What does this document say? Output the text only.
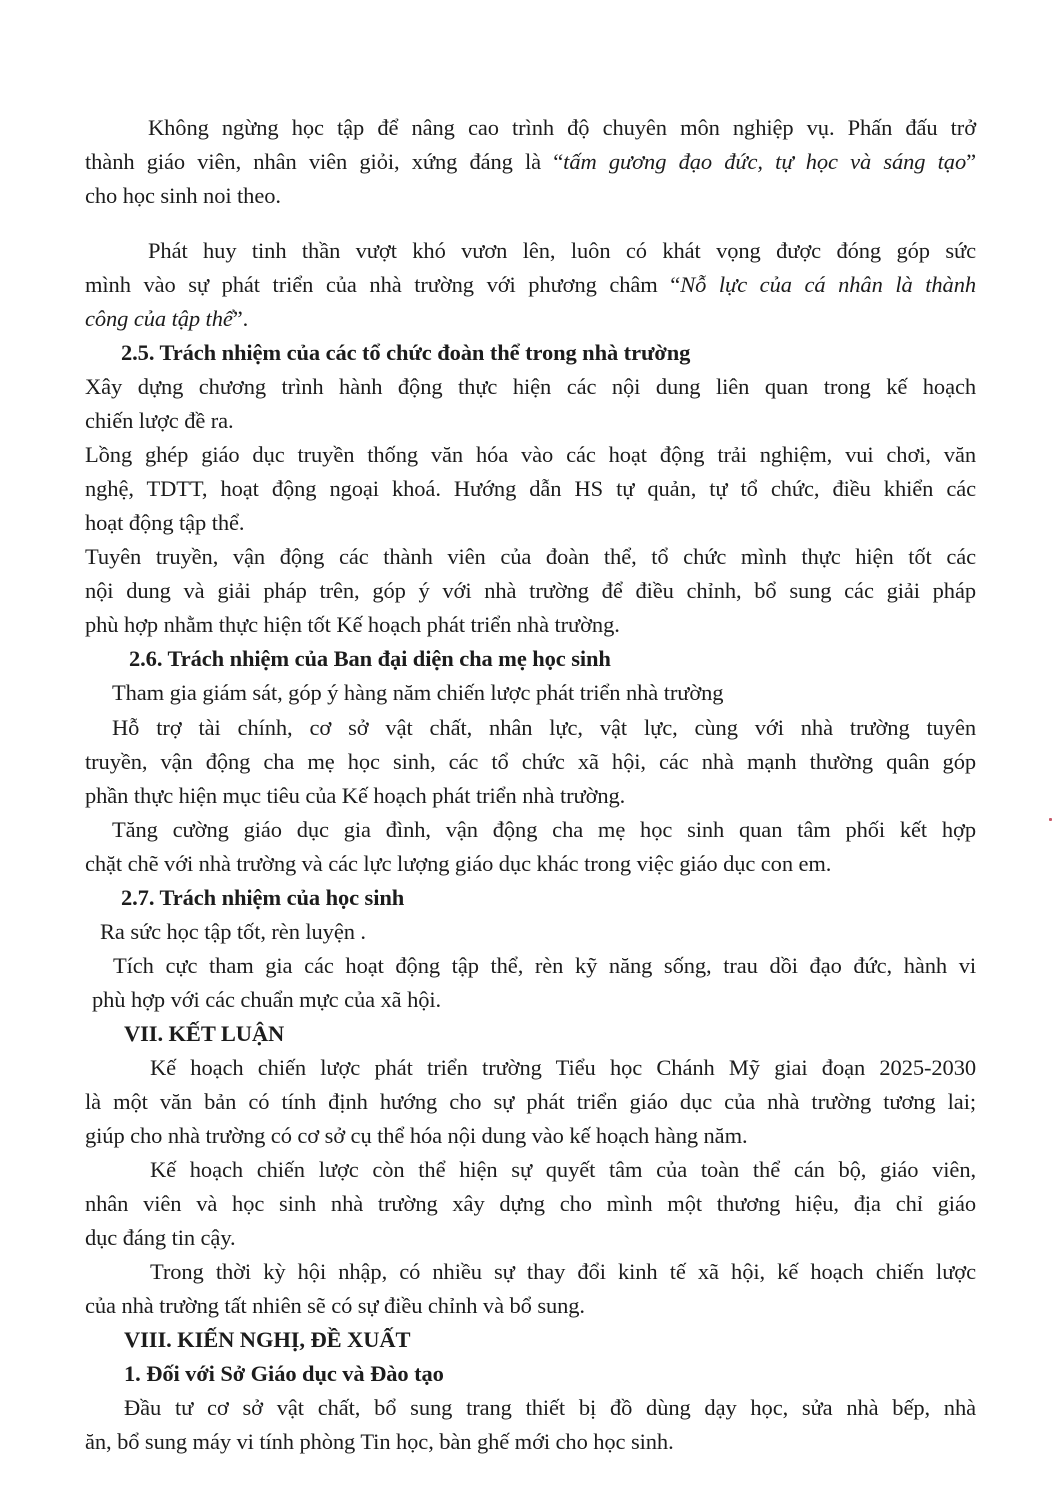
Không ngừng học tập để nâng cao trình độ chuyên môn nghiệp vụ. Phấn đấu trở
thành giáo viên, nhân viên giỏi, xứng đáng là “tấm gương đạo đức, tự học và sáng tạo”
cho học sinh noi theo.
Phát huy tinh thần vượt khó vươn lên, luôn có khát vọng được đóng góp sức
mình vào sự phát triển của nhà trường với phương châm “Nỗ lực của cá nhân là thành
công của tập thể”.
2.5. Trách nhiệm của các tổ chức đoàn thể trong nhà trường
Xây dựng chương trình hành động thực hiện các nội dung liên quan trong kế hoạch
chiến lược đề ra.
Lồng ghép giáo dục truyền thống văn hóa vào các hoạt động trải nghiệm, vui chơi, văn
nghệ, TDTT, hoạt động ngoại khoá. Hướng dẫn HS tự quản, tự tổ chức, điều khiển các
hoạt động tập thể.
Tuyên truyền, vận động các thành viên của đoàn thể, tổ chức mình thực hiện tốt các
nội dung và giải pháp trên, góp ý với nhà trường để điều chỉnh, bổ sung các giải pháp
phù hợp nhằm thực hiện tốt Kế hoạch phát triển nhà trường.
2.6. Trách nhiệm của Ban đại diện cha mẹ học sinh
Tham gia giám sát, góp ý hàng năm chiến lược phát triển nhà trường
Hỗ trợ tài chính, cơ sở vật chất, nhân lực, vật lực, cùng với nhà trường tuyên
truyền, vận động cha mẹ học sinh, các tổ chức xã hội, các nhà mạnh thường quân góp
phần thực hiện mục tiêu của Kế hoạch phát triển nhà trường.
Tăng cường giáo dục gia đình, vận động cha mẹ học sinh quan tâm phối kết hợp
chặt chẽ với nhà trường và các lực lượng giáo dục khác trong việc giáo dục con em.
2.7. Trách nhiệm của học sinh
Ra sức học tập tốt, rèn luyện .
Tích cực tham gia các hoạt động tập thể, rèn kỹ năng sống, trau dồi đạo đức, hành vi
phù hợp với các chuẩn mực của xã hội.
VII. KẾT LUẬN
Kế hoạch chiến lược phát triển trường Tiểu học Chánh Mỹ giai đoạn 2025-2030
là một văn bản có tính định hướng cho sự phát triển giáo dục của nhà trường tương lai;
giúp cho nhà trường có cơ sở cụ thể hóa nội dung vào kế hoạch hàng năm.
Kế hoạch chiến lược còn thể hiện sự quyết tâm của toàn thể cán bộ, giáo viên,
nhân viên và học sinh nhà trường xây dựng cho mình một thương hiệu, địa chỉ giáo
dục đáng tin cậy.
Trong thời kỳ hội nhập, có nhiều sự thay đổi kinh tế xã hội, kế hoạch chiến lược
của nhà trường tất nhiên sẽ có sự điều chỉnh và bổ sung.
VIII. KIẾN NGHỊ, ĐỀ XUẤT
1. Đối với Sở Giáo dục và Đào tạo
Đầu tư cơ sở vật chất, bổ sung trang thiết bị đồ dùng dạy học, sửa nhà bếp, nhà
ăn, bổ sung máy vi tính phòng Tin học, bàn ghế mới cho học sinh.
